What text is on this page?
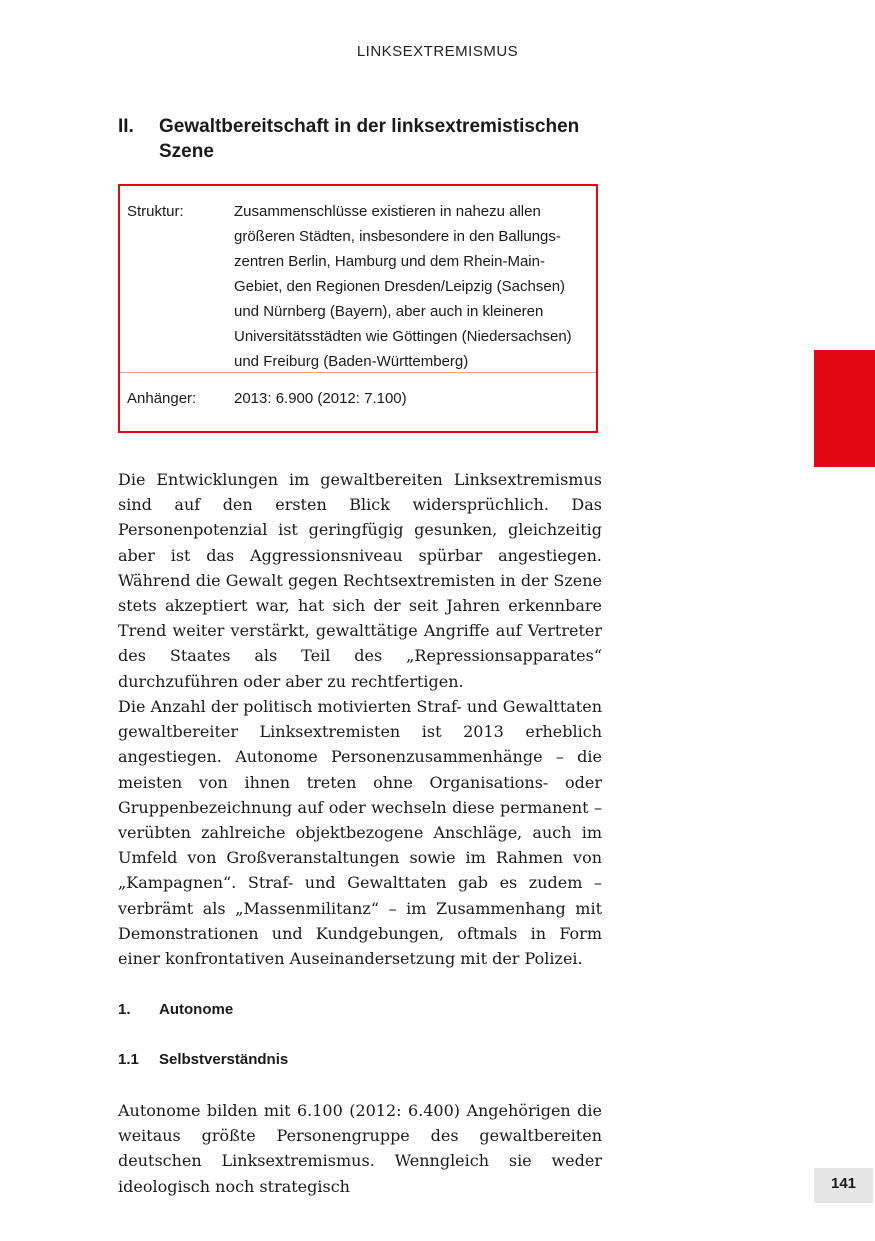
LINKSEXTREMISMUS
II.	Gewaltbereitschaft in der linksextremistischen Szene
Struktur:	Zusammenschlüsse existieren in nahezu allen größeren Städten, insbesondere in den Ballungszentren Berlin, Hamburg und dem Rhein-Main-Gebiet, den Regionen Dresden/Leipzig (Sachsen) und Nürnberg (Bayern), aber auch in kleineren Universitätsstädten wie Göttingen (Niedersachsen) und Freiburg (Baden-Württemberg)
Anhänger:	2013: 6.900 (2012: 7.100)

Die Entwicklungen im gewaltbereiten Linksextremismus sind auf den ersten Blick widersprüchlich. Das Personenpotenzial ist geringfügig gesunken, gleichzeitig aber ist das Aggressionsniveau spürbar angestiegen. Während die Gewalt gegen Rechtsextremisten in der Szene stets akzeptiert war, hat sich der seit Jahren erkennbare Trend weiter verstärkt, gewalttätige Angriffe auf Vertreter des Staates als Teil des „Repressionsapparates“ durchzuführen oder aber zu rechtfertigen.

Die Anzahl der politisch motivierten Straf- und Gewalttaten gewaltbereiter Linksextremisten ist 2013 erheblich angestiegen. Autonome Personenzusammenhänge – die meisten von ihnen treten ohne Organisations- oder Gruppenbezeichnung auf oder wechseln diese permanent – verübten zahlreiche objektbezogene Anschläge, auch im Umfeld von Großveranstaltungen sowie im Rahmen von „Kampagnen“. Straf- und Gewalttaten gab es zudem – verbrämt als „Massenmilitanz“ – im Zusammenhang mit Demonstrationen und Kundgebungen, oftmals in Form einer konfrontativen Auseinandersetzung mit der Polizei.

1.	Autonome
1.1	Selbstverständnis

Autonome bilden mit 6.100 (2012: 6.400) Angehörigen die weitaus größte Personengruppe des gewaltbereiten deutschen Linksextremismus. Wenngleich sie weder ideologisch noch strategisch	141
